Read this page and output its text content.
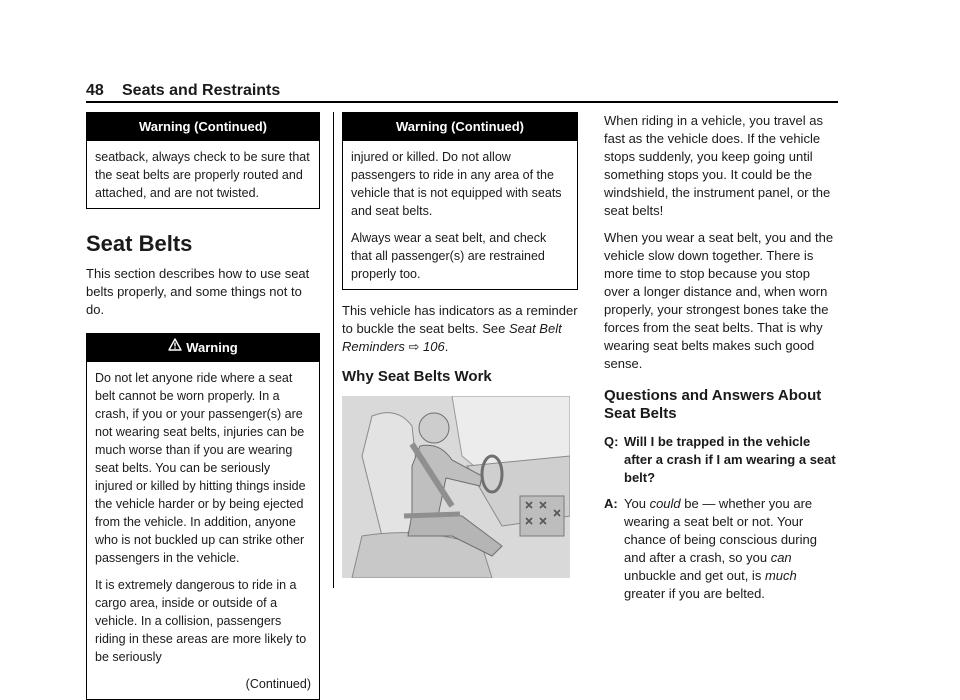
48 Seats and Restraints
Warning (Continued)

seatback, always check to be sure that the seat belts are properly routed and attached, and are not twisted.

Seat Belts

This section describes how to use seat belts properly, and some things not to do.

Warning

Do not let anyone ride where a seat belt cannot be worn properly. In a crash, if you or your passenger(s) are not wearing seat belts, injuries can be much worse than if you are wearing seat belts. You can be seriously injured or killed by hitting things inside the vehicle harder or by being ejected from the vehicle. In addition, anyone who is not buckled up can strike other passengers in the vehicle.

It is extremely dangerous to ride in a cargo area, inside or outside of a vehicle. In a collision, passengers riding in these areas are more likely to be seriously

(Continued)

Warning (Continued)

injured or killed. Do not allow passengers to ride in any area of the vehicle that is not equipped with seats and seat belts.

Always wear a seat belt, and check that all passenger(s) are restrained properly too.

This vehicle has indicators as a reminder to buckle the seat belts. See Seat Belt Reminders ⇨ 106.

Why Seat Belts Work

When riding in a vehicle, you travel as fast as the vehicle does. If the vehicle stops suddenly, you keep going until something stops you. It could be the windshield, the instrument panel, or the seat belts!

When you wear a seat belt, you and the vehicle slow down together. There is more time to stop because you stop over a longer distance and, when worn properly, your strongest bones take the forces from the seat belts. That is why wearing seat belts makes such good sense.

Questions and Answers About Seat Belts
Q: Will I be trapped in the vehicle after a crash if I am wearing a seat belt?
A: You could be — whether you are wearing a seat belt or not. Your chance of being conscious during and after a crash, so you can unbuckle and get out, is much greater if you are belted.
